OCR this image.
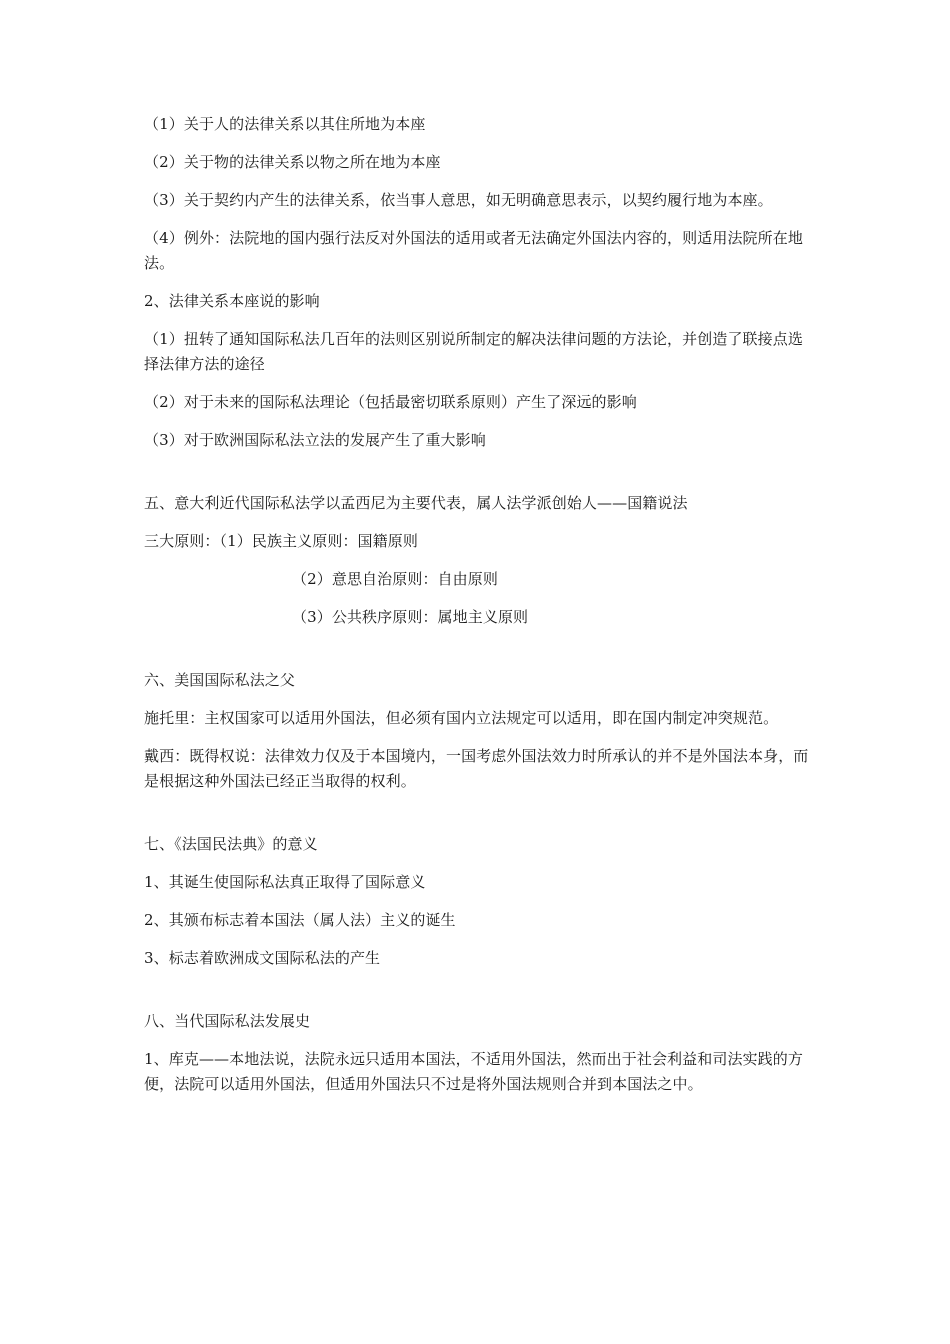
（1）关于人的法律关系以其住所地为本座

（2）关于物的法律关系以物之所在地为本座

（3）关于契约内产生的法律关系，依当事人意思，如无明确意思表示，以契约履行地为本座。

（4）例外：法院地的国内强行法反对外国法的适用或者无法确定外国法内容的，则适用法院所在地法。

2、法律关系本座说的影响

（1）扭转了通知国际私法几百年的法则区别说所制定的解决法律问题的方法论，并创造了联接点选择法律方法的途径

（2）对于未来的国际私法理论（包括最密切联系原则）产生了深远的影响

（3）对于欧洲国际私法立法的发展产生了重大影响

五、意大利近代国际私法学以孟西尼为主要代表，属人法学派创始人——国籍说法

三大原则：（1）民族主义原则：国籍原则

（2）意思自治原则：自由原则

（3）公共秩序原则：属地主义原则

六、美国国际私法之父

施托里：主权国家可以适用外国法，但必须有国内立法规定可以适用，即在国内制定冲突规范。

戴西：既得权说：法律效力仅及于本国境内，一国考虑外国法效力时所承认的并不是外国法本身，而是根据这种外国法已经正当取得的权利。

七、《法国民法典》的意义

1、其诞生使国际私法真正取得了国际意义

2、其颁布标志着本国法（属人法）主义的诞生

3、标志着欧洲成文国际私法的产生

八、当代国际私法发展史

1、库克——本地法说，法院永远只适用本国法，不适用外国法，然而出于社会利益和司法实践的方便，法院可以适用外国法，但适用外国法只不过是将外国法规则合并到本国法之中。
